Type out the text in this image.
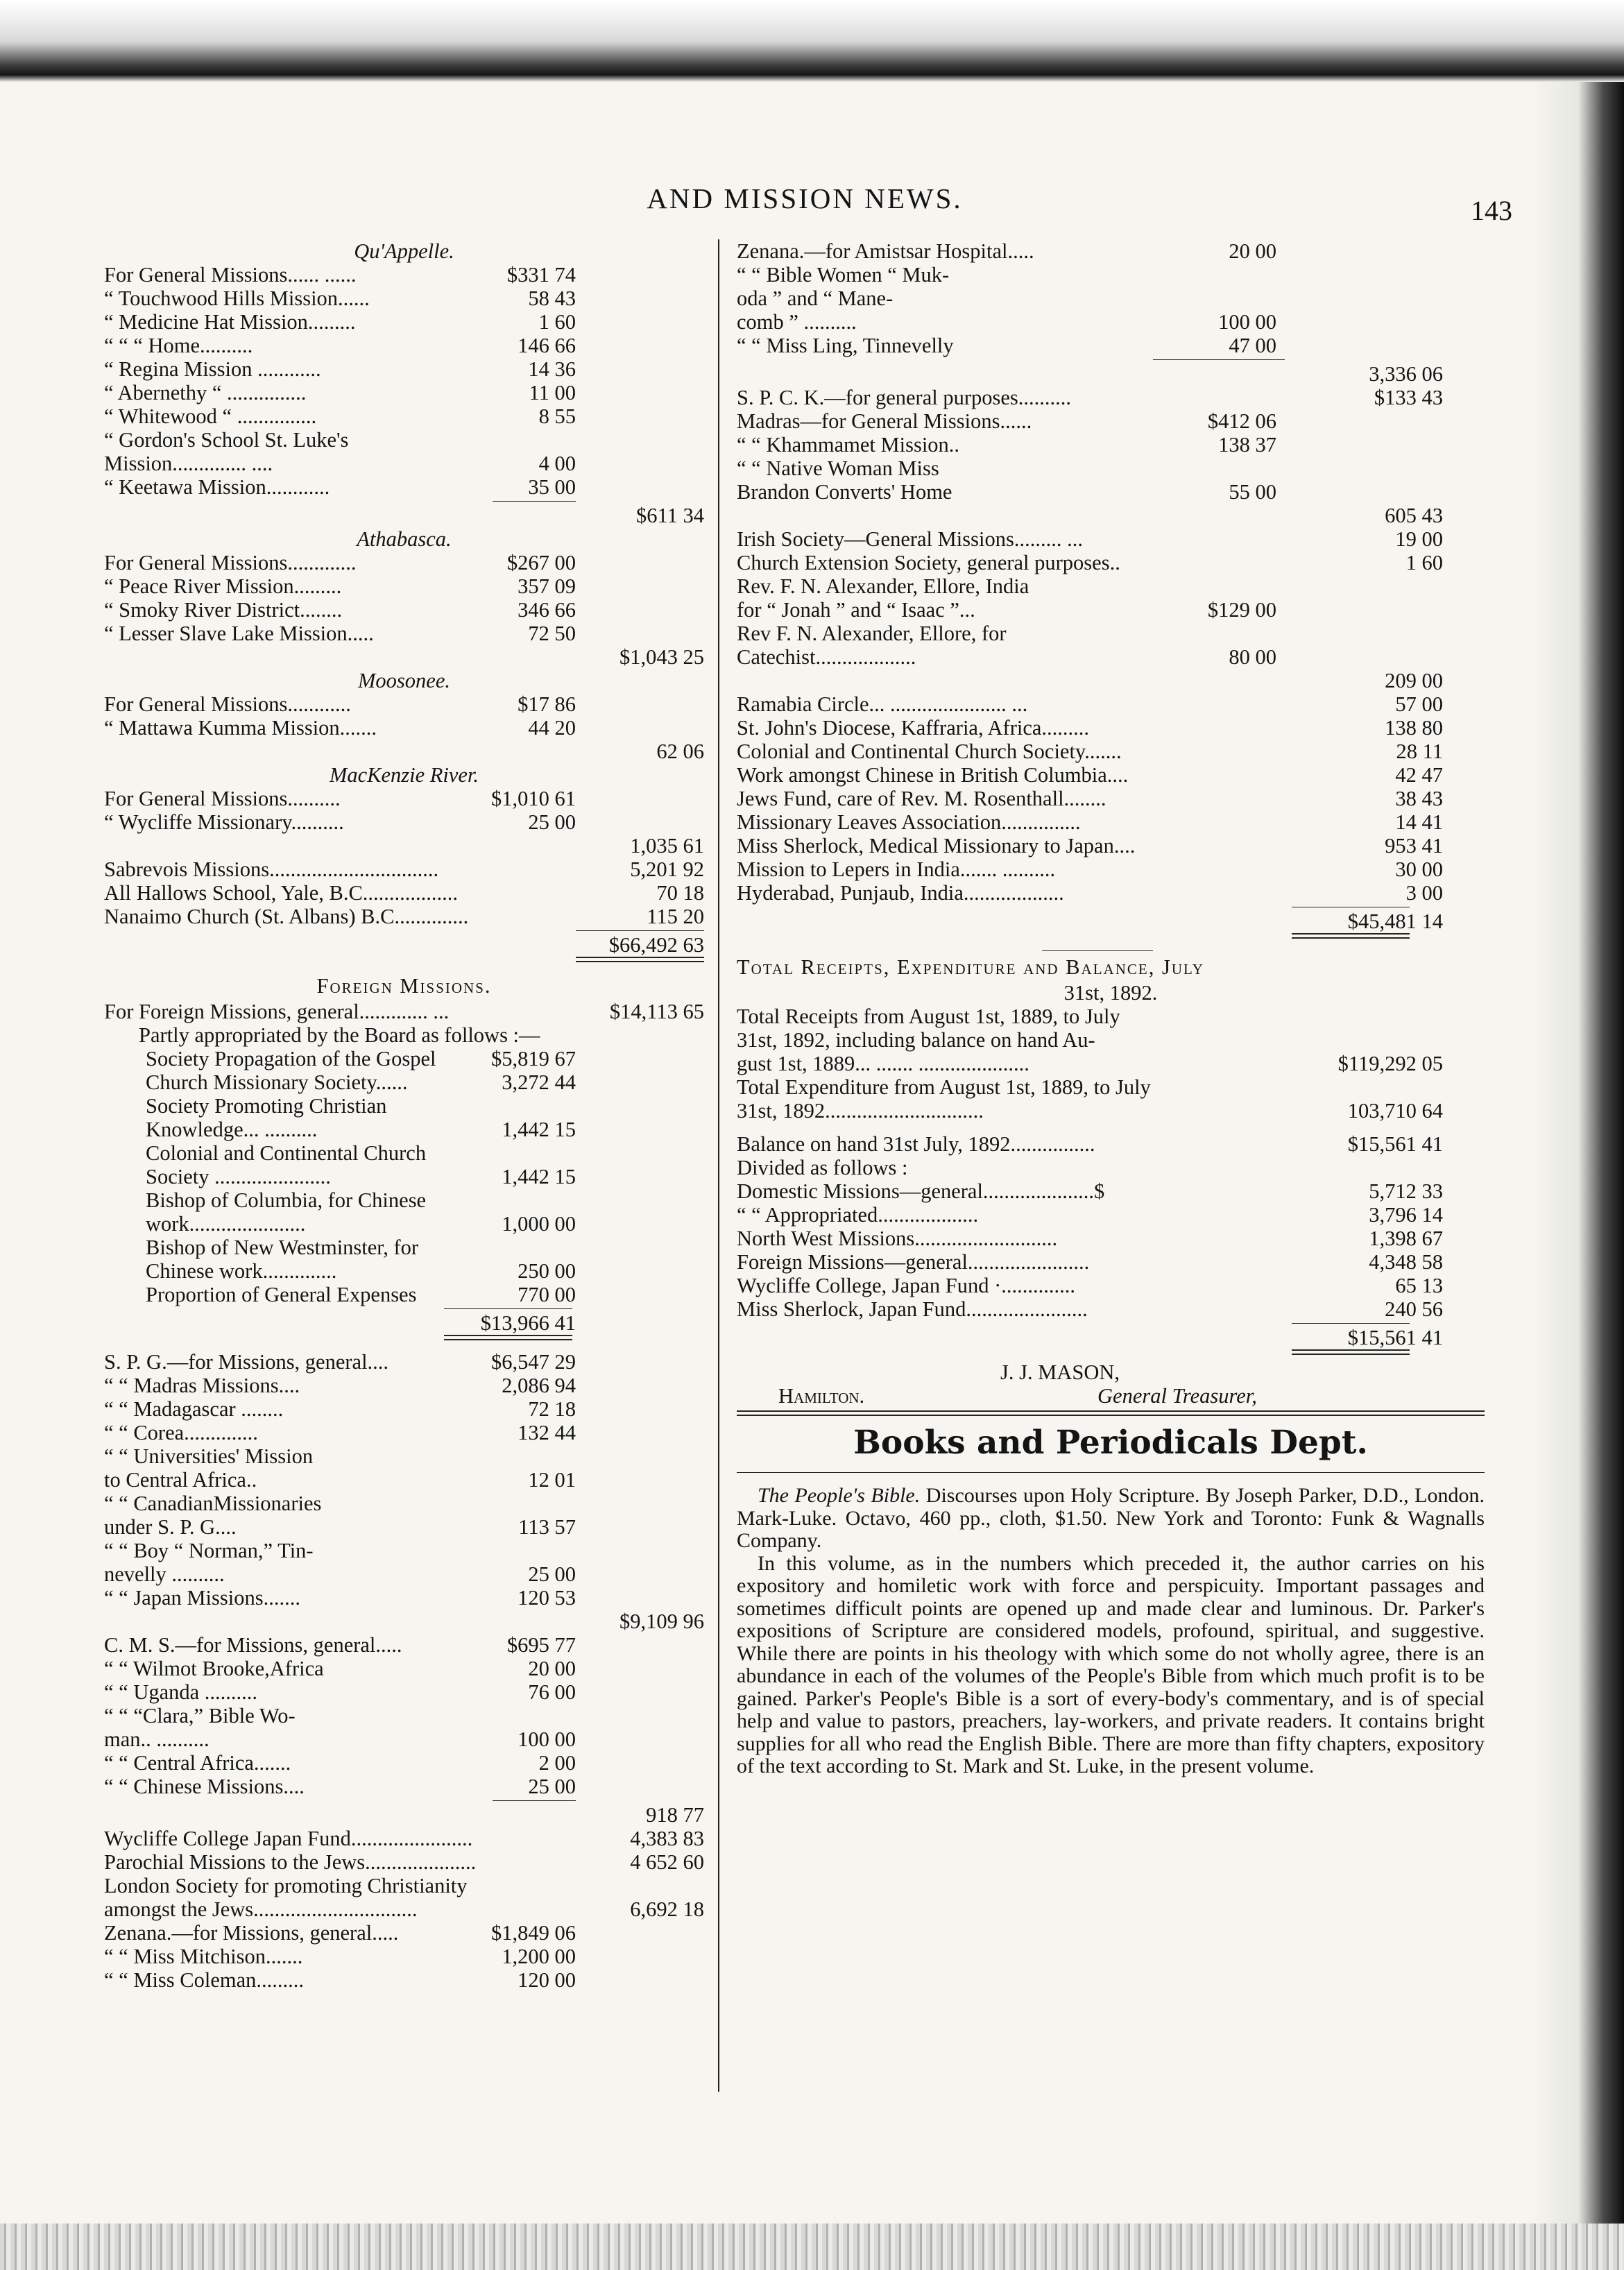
AND MISSION NEWS.	143
Qu'Appelle.
For General Missions...... ......	$331 74
“ Touchwood Hills Mission......	58 43
“ Medicine Hat Mission.........	1 60
“ “ “ Home..........	146 66
“ Regina Mission ............	14 36
“ Abernethy “ ...............	11 00
“ Whitewood “ ...............	8 55
“ Gordon's School St. Luke's
Mission.............. ....	4 00
“ Keetawa Mission............	35 00
$611 34
Athabasca.
For General Missions.............	$267 00
“ Peace River Mission.........	357 09
“ Smoky River District........	346 66
“ Lesser Slave Lake Mission.....	72 50
$1,043 25
Moosonee.
For General Missions............	$17 86
“ Mattawa Kumma Mission.......	44 20
62 06
MacKenzie River.
For General Missions..........	$1,010 61
“ Wycliffe Missionary..........	25 00
1,035 61
Sabrevois Missions................................	5,201 92
All Hallows School, Yale, B.C..................	70 18
Nanaimo Church (St. Albans) B.C..............	115 20
$66,492 63
Foreign Missions.
For Foreign Missions, general............. ...	$14,113 65
Partly appropriated by the Board as follows :—
Society Propagation of the Gospel	$5,819 67
Church Missionary Society......	3,272 44
Society Promoting Christian
Knowledge... ..........	1,442 15
Colonial and Continental Church
Society ......................	1,442 15
Bishop of Columbia, for Chinese
work......................	1,000 00
Bishop of New Westminster, for
Chinese work..............	250 00
Proportion of General Expenses	770 00
$13,966 41
S. P. G.—for Missions, general....	$6,547 29
“ “ Madras Missions....	2,086 94
“ “ Madagascar ........	72 18
“ “ Corea..............	132 44
“ “ Universities' Mission
to Central Africa..	12 01
“ “ CanadianMissionaries
under S. P. G....	113 57
“ “ Boy “ Norman,” Tin-
nevelly ..........	25 00
“ “ Japan Missions.......	120 53
$9,109 96
C. M. S.—for Missions, general.....	$695 77
“ “ Wilmot Brooke,Africa	20 00
“ “ Uganda ..........	76 00
“ “ “Clara,” Bible Wo-
man.. ..........	100 00
“ “ Central Africa.......	2 00
“ “ Chinese Missions....	25 00
918 77
Wycliffe College Japan Fund.......................	4,383 83
Parochial Missions to the Jews.....................	4 652 60
London Society for promoting Christianity
amongst the Jews...............................	6,692 18
Zenana.—for Missions, general.....	$1,849 06
“ “ Miss Mitchison.......	1,200 00
“ “ Miss Coleman.........	120 00
Zenana.—for Amistsar Hospital.....	20 00
“ “ Bible Women “ Muk-
oda ” and “ Mane-
comb ” ..........	100 00
“ “ Miss Ling, Tinnevelly	47 00
3,336 06
S. P. C. K.—for general purposes..........	$133 43
Madras—for General Missions......	$412 06
“ “ Khammamet Mission..	138 37
“ “ Native Woman Miss
Brandon Converts' Home	55 00
605 43
Irish Society—General Missions......... ...	19 00
Church Extension Society, general purposes..	1 60
Rev. F. N. Alexander, Ellore, India
for “ Jonah ” and “ Isaac ”...	$129 00
Rev F. N. Alexander, Ellore, for
Catechist...................	80 00
209 00
Ramabia Circle... ...................... ...	57 00
St. John's Diocese, Kaffraria, Africa.........	138 80
Colonial and Continental Church Society.......	28 11
Work amongst Chinese in British Columbia....	42 47
Jews Fund, care of Rev. M. Rosenthall........	38 43
Missionary Leaves Association...............	14 41
Miss Sherlock, Medical Missionary to Japan....	953 41
Mission to Lepers in India....... ..........	30 00
Hyderabad, Punjaub, India...................	3 00
$45,481 14
Total Receipts, Expenditure and Balance, July
31st, 1892.
Total Receipts from August 1st, 1889, to July
31st, 1892, including balance on hand Au-
gust 1st, 1889... ....... .....................	$119,292 05
Total Expenditure from August 1st, 1889, to July
31st, 1892..............................	103,710 64
Balance on hand 31st July, 1892................	$15,561 41
Divided as follows :
Domestic Missions—general.....................$	5,712 33
“ “ Appropriated...................	3,796 14
North West Missions...........................	1,398 67
Foreign Missions—general.......................	4,348 58
Wycliffe College, Japan Fund ·..............	65 13
Miss Sherlock, Japan Fund.......................	240 56
$15,561 41
J. J. MASON,
Hamilton.	General Treasurer,
Books and Periodicals Dept.
The People's Bible. Discourses upon Holy Scripture. By Joseph Parker, D.D., London. Mark-Luke. Octavo, 460 pp., cloth, $1.50. New York and Toronto: Funk & Wagnalls Company.
In this volume, as in the numbers which preceded it, the author carries on his expository and homiletic work with force and perspicuity. Important passages and sometimes difficult points are opened up and made clear and luminous. Dr. Parker's expositions of Scripture are considered models, profound, spiritual, and suggestive. While there are points in his theology with which some do not wholly agree, there is an abundance in each of the volumes of the People's Bible from which much profit is to be gained. Parker's People's Bible is a sort of every-body's commentary, and is of special help and value to pastors, preachers, lay-workers, and private readers. It contains bright supplies for all who read the English Bible. There are more than fifty chapters, expository of the text according to St. Mark and St. Luke, in the present volume.
